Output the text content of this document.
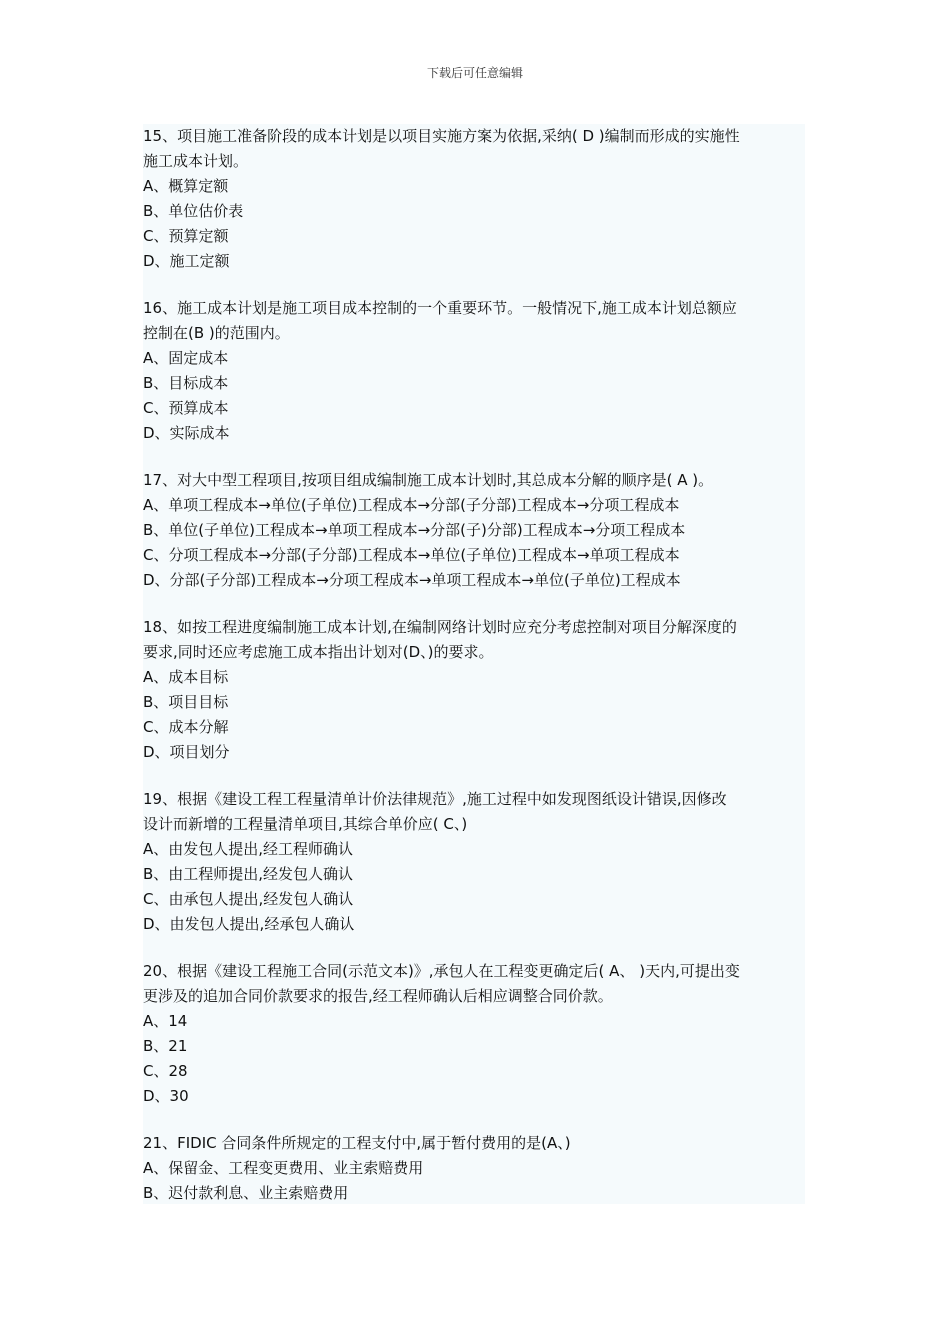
下载后可任意编辑
15、项目施工准备阶段的成本计划是以项目实施方案为依据,采纳( D )编制而形成的实施性
施工成本计划。
A、概算定额
B、单位估价表
C、预算定额
D、施工定额
16、施工成本计划是施工项目成本控制的一个重要环节。一般情况下,施工成本计划总额应
控制在(B )的范围内。
A、固定成本
B、目标成本
C、预算成本
D、实际成本
17、对大中型工程项目,按项目组成编制施工成本计划时,其总成本分解的顺序是( A )。
A、单项工程成本→单位(子单位)工程成本→分部(子分部)工程成本→分项工程成本
B、单位(子单位)工程成本→单项工程成本→分部(子)分部)工程成本→分项工程成本
C、分项工程成本→分部(子分部)工程成本→单位(子单位)工程成本→单项工程成本
D、分部(子分部)工程成本→分项工程成本→单项工程成本→单位(子单位)工程成本
18、如按工程进度编制施工成本计划,在编制网络计划时应充分考虑控制对项目分解深度的
要求,同时还应考虑施工成本指出计划对(D、)的要求。
A、成本目标
B、项目目标
C、成本分解
D、项目划分
19、根据《建设工程工程量清单计价法律规范》,施工过程中如发现图纸设计错误,因修改
设计而新增的工程量清单项目,其综合单价应( C、)
A、由发包人提出,经工程师确认
B、由工程师提出,经发包人确认
C、由承包人提出,经发包人确认
D、由发包人提出,经承包人确认
20、根据《建设工程施工合同(示范文本)》,承包人在工程变更确定后( A、 )天内,可提出变
更涉及的追加合同价款要求的报告,经工程师确认后相应调整合同价款。
A、14
B、21
C、28
D、30
21、FIDIC 合同条件所规定的工程支付中,属于暂付费用的是(A、)
A、保留金、工程变更费用、业主索赔费用
B、迟付款利息、业主索赔费用
